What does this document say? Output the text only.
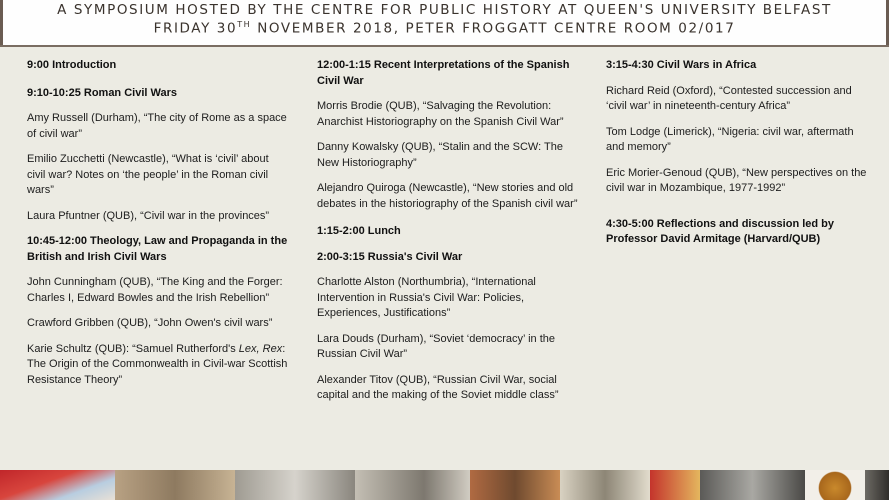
A SYMPOSIUM HOSTED BY THE CENTRE FOR PUBLIC HISTORY AT QUEEN'S UNIVERSITY BELFAST
FRIDAY 30TH NOVEMBER 2018, PETER FROGGATT CENTRE ROOM 02/017

9:00 Introduction

9:10-10:25 Roman Civil Wars

Amy Russell (Durham), “The city of Rome as a space of civil war”

Emilio Zucchetti (Newcastle), “What is ‘civil’ about civil war? Notes on ‘the people’ in the Roman civil wars”

Laura Pfuntner (QUB), “Civil war in the provinces”

10:45-12:00 Theology, Law and Propaganda in the British and Irish Civil Wars

John Cunningham (QUB), “The King and the Forger: Charles I, Edward Bowles and the Irish Rebellion”

Crawford Gribben (QUB), “John Owen's civil wars”

Karie Schultz (QUB): “Samuel Rutherford's Lex, Rex: The Origin of the Commonwealth in Civil-war Scottish Resistance Theory”

12:00-1:15 Recent Interpretations of the Spanish Civil War

Morris Brodie (QUB), “Salvaging the Revolution: Anarchist Historiography on the Spanish Civil War”

Danny Kowalsky (QUB), “Stalin and the SCW: The New Historiography”

Alejandro Quiroga (Newcastle), “New stories and old debates in the historiography of the Spanish civil war”

1:15-2:00 Lunch

2:00-3:15 Russia's Civil War

Charlotte Alston (Northumbria), “International Intervention in Russia's Civil War: Policies, Experiences, Justifications”

Lara Douds (Durham), “Soviet ‘democracy’ in the Russian Civil War”

Alexander Titov (QUB), “Russian Civil War, social capital and the making of the Soviet middle class”

3:15-4:30 Civil Wars in Africa

Richard Reid (Oxford), “Contested succession and ‘civil war’ in nineteenth-century Africa”

Tom Lodge (Limerick), “Nigeria: civil war, aftermath and memory”

Eric Morier-Genoud (QUB), “New perspectives on the civil war in Mozambique, 1977-1992”

4:30-5:00 Reflections and discussion led by Professor David Armitage (Harvard/QUB)
